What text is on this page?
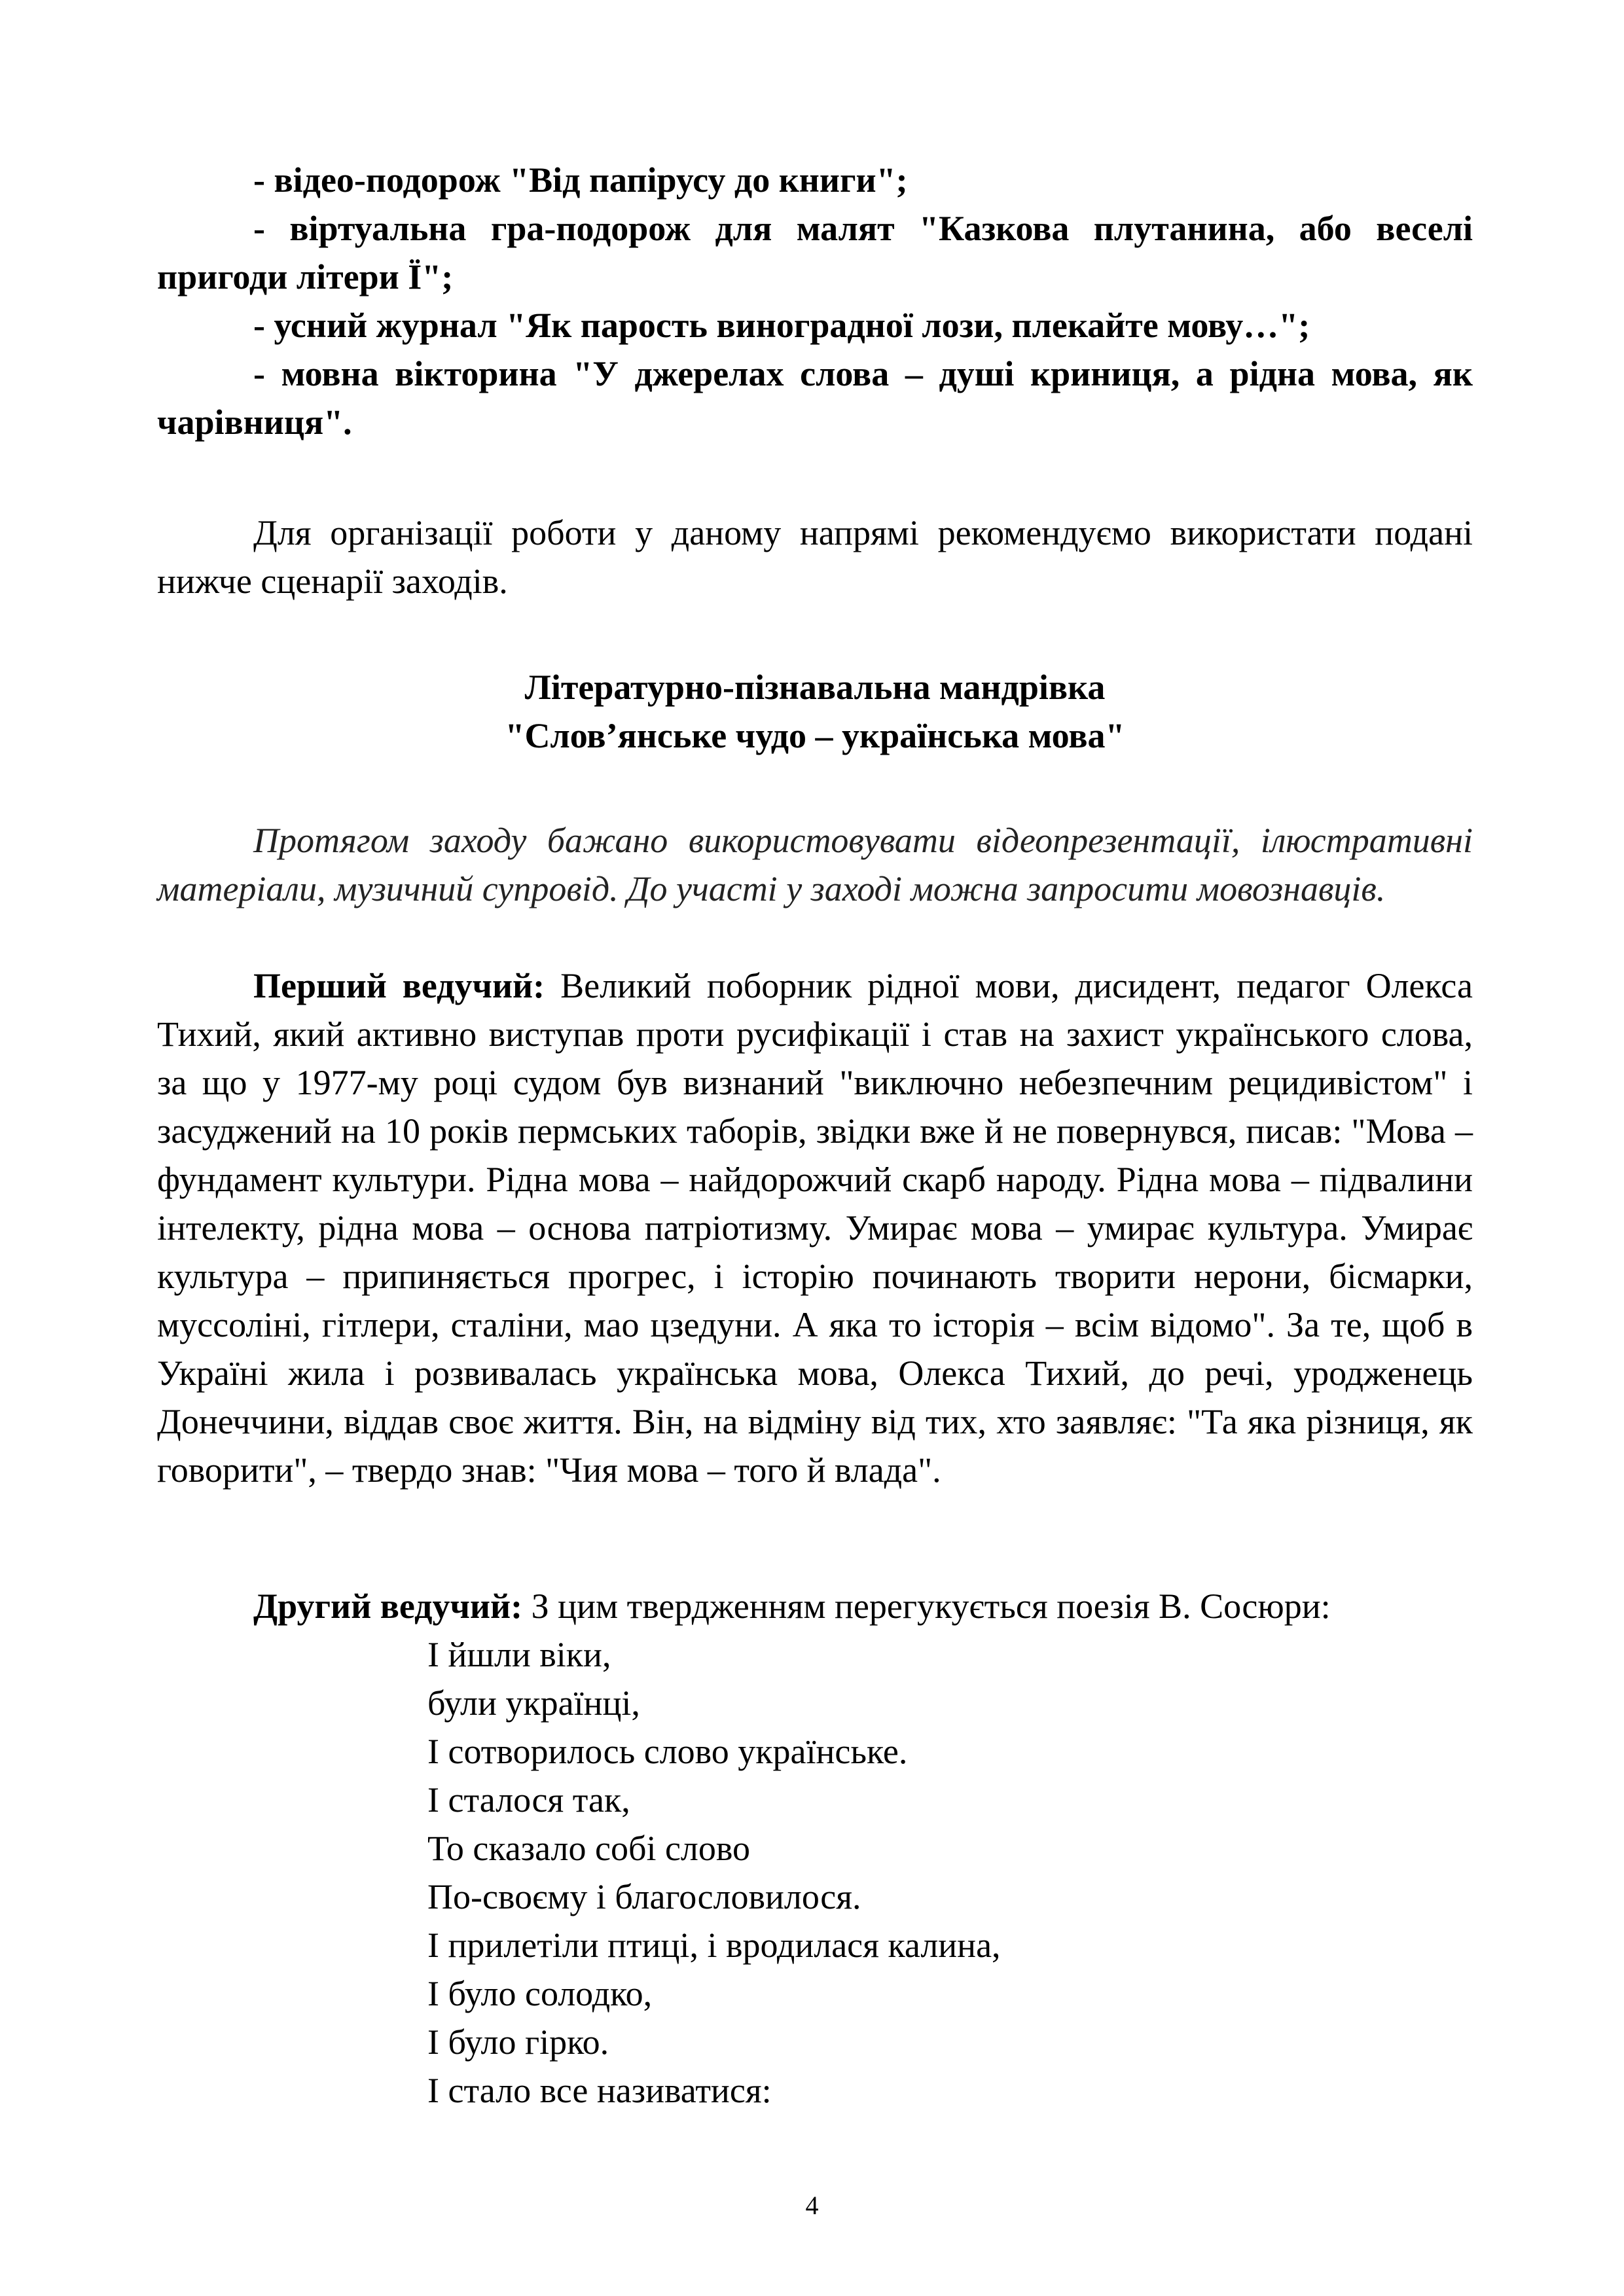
- відео-подорож "Від папірусу до книги";

- віртуальна гра-подорож для малят "Казкова плутанина, або веселі пригоди літери Ї";

- усний журнал "Як парость виноградної лози, плекайте мову…";

- мовна вікторина "У джерелах слова – душі криниця, а рідна мова, як чарівниця".

Для організації роботи у даному напрямі рекомендуємо використати подані нижче сценарії заходів.

Літературно-пізнавальна мандрівка

"Слов’янське чудо – українська мова"

Протягом заходу бажано використовувати відеопрезентації, ілюстративні матеріали, музичний супровід. До участі у заході можна запросити мовознавців.

Перший ведучий: Великий поборник рідної мови, дисидент, педагог Олекса Тихий, який активно виступав проти русифікації і став на захист українського слова, за що у 1977-му році судом був визнаний "виключно небезпечним рецидивістом" і засуджений на 10 років пермських таборів, звідки вже й не повернувся, писав: "Мова – фундамент культури. Рідна мова – найдорожчий скарб народу. Рідна мова – підвалини інтелекту, рідна мова – основа патріотизму. Умирає мова – умирає культура. Умирає культура – припиняється прогрес, і історію починають творити нерони, бісмарки, муссоліні, гітлери, сталіни, мао цзедуни. А яка то історія – всім відомо". За те, щоб в Україні жила і розвивалась українська мова, Олекса Тихий, до речі, уродженець Донеччини, віддав своє життя. Він, на відміну від тих, хто заявляє: "Та яка різниця, як говорити", – твердо знав: "Чия мова – того й влада".

Другий ведучий: З цим твердженням перегукується поезія В. Сосюри:

І йшли віки,
були українці,
І сотворилось слово українське.
І сталося так,
То сказало собі слово
По-своєму і благословилося.
І прилетіли птиці, і вродилася калина,
І було солодко,
І було гірко.
І стало все називатися:
4
